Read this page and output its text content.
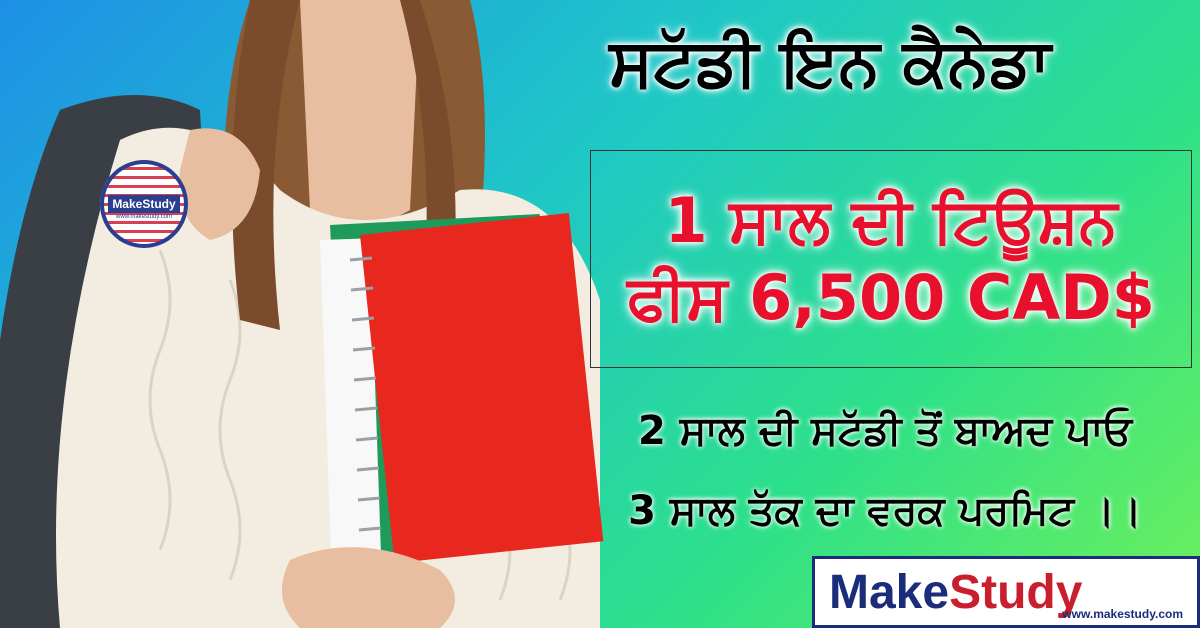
MakeStudy
www.makestudy.com
ਸਟੱਡੀ ਇਨ ਕੈਨੇਡਾ
1 ਸਾਲ ਦੀ ਟਿਊਸ਼ਨ
ਫੀਸ 6,500 CAD$
2 ਸਾਲ ਦੀ ਸਟੱਡੀ ਤੋਂ ਬਾਅਦ ਪਾਓ
3 ਸਾਲ ਤੱਕ ਦਾ ਵਰਕ ਪਰਮਿਟ ।।
Make Study
www.makestudy.com
